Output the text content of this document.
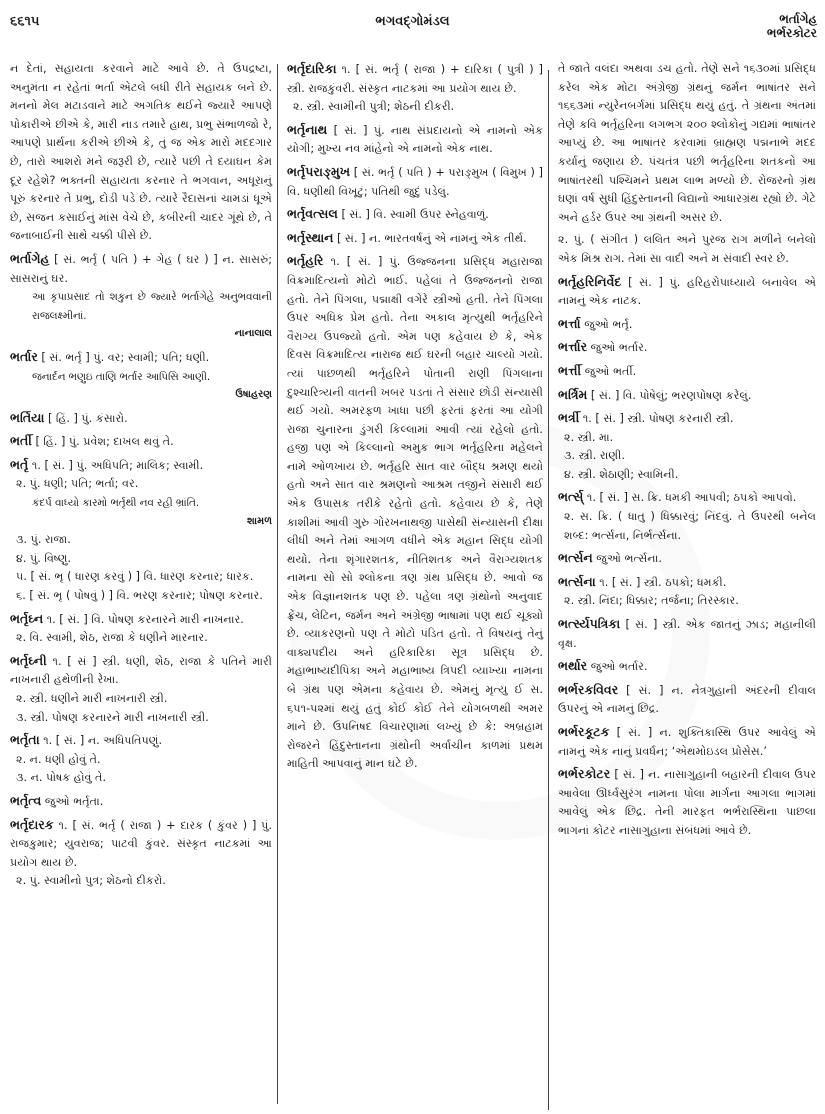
૬૬૧૫	ભગવદ્ગોમંડલ	ભર્તાગેહ
ભર્ભરકોટર
ન દેતાં, સહાયતા કરવાને માટે આવે છે. તે ઉપદ્રષ્ટા, અનુમંતા ન રહેતાં ભર્તા એટલે બધી રીતે સહાયક બને છે. મનનો મેલ મટાડવાને માટે અગતિક થઈને જ્યારે આપણે પોકારીએ છીએ કે, મારી નાડ તમારે હાથ, પ્રભુ સંભાળજો રે, આપણે પ્રાર્થના કરીએ છીએ કે, તું જ એક મારો મદદગાર છે, તારો આશરો મને જરૂરી છે, ત્યારે પછી તે દયાઘન કેમ દૂર રહેશે? ભક્તની સહાયતા કરનાર તે ભગવાન, અધૂરાનું પૂરું કરનાર તે પ્રભુ, દોડી પડે છે. ત્યારે રૈદાસનાં ચામડાં ધૂએ છે, સજન કસાઈનું માંસ વેચે છે, કબીરની ચાદર ગૂંથે છે, તે જનાબાઈની સાથે ચક્કી પીસે છે.
ભર્તાગેહ [ સં. ભર્તૃ ( પતિ ) + ગેહ ( ઘર ) ] ન. સાસરું; સાસરાનું ઘર.
આ કૃપાપ્રસાદ તો શકુન છે જ્યારે ભર્તાગેહે અનુભવવાની રાજલક્ષ્મીનાં.
નાનાલાલ
ભર્તાર [ સં. ભર્તૃ ] પું. વર; સ્વામી; પતિ; ધણી.
જનાર્દન ભણુઇ તાણિ ભર્તાર આપિસિ આણી.
ઉષાહરણ
ભર્તિયા [ હિં. ] પું. કંસારો.
ભર્તી [ હિં. ] પું. પ્રવેશ; દાખલ થવું તે.
ભર્તૃ ૧. [ સં. ] પું. અધિપતિ; માલિક; સ્વામી.
૨. પું. ધણી; પતિ; ભર્તા; વર.
કંદર્પ વાધ્યો કારમો ભર્તૃથી નવ રહી ભ્રાંતિ.
શામળ
૩. પું. રાજા.
૪. પું. વિષ્ણુ.
૫. [ સં. ભૃ ( ધારણ કરવું ) ] વિ. ધારણ કરનાર; ધારક.
૬. [ સં. ભૃ ( પોષવું ) ] વિ. ભરણ કરનાર; પોષણ કરનાર.
ભર્તૃઘ્ન ૧. [ સં. ] વિ. પોષણ કરનારને મારી નાખનાર.
૨. વિ. સ્વામી, શેઠ, રાજા કે ધણીને મારનાર.
ભર્તૃઘ્ની ૧. [ સં ] સ્ત્રી. ધણી, શેઠ, રાજા કે પતિને મારી નાખનારી હથેળીની રેખા.
૨. સ્ત્રી. ધણીને મારી નાખનારી સ્ત્રી.
૩. સ્ત્રી. પોષણ કરનારને મારી નાખનારી સ્ત્રી.
ભર્તૃતા ૧. [ સં. ] ન. અધિપતિપણું.
૨. ન. ધણી હોવું તે.
૩. ન. પોષક હોવું તે.
ભર્તૃત્વ જુઓ ભર્તૃતા.
ભર્તૃદારક ૧. [ સં. ભર્તૃ ( રાજા ) + દારક ( કુંવર ) ] પું. રાજકુમાર; યુવરાજ; પાટવી કુંવર. સંસ્કૃત નાટકમાં આ પ્રયોગ થાય છે.
૨. પું. સ્વામીનો પુત્ર; શેઠનો દીકરો.
ભર્તૃદારિકા ૧. [ સં. ભર્તૃ ( રાજા ) + દારિકા ( પુત્રી ) ] સ્ત્રી. રાજકુંવરી. સંસ્કૃત નાટકમાં આ પ્રયોગ થાય છે.
૨. સ્ત્રી. સ્વામીની પુત્રી; શેઠની દીકરી.
ભર્તૃનાથ [ સં. ] પું. નાથ સંપ્રદાયનો એ નામનો એક યોગી; મુખ્ય નવ માંહેનો એ નામનો એક નાથ.
ભર્તૃપરાઙ્મુખ [ સં. ભર્તૃ ( પતિ ) + પરાઙ્મુખ ( વિમુખ ) ] વિ. ધણીથી વિખૂટું; પતિથી જુદું પડેલું.
ભર્તૃવત્સલ [ સં. ] વિ. સ્વામી ઉપર સ્નેહવાળું.
ભર્તૃસ્થાન [ સં. ] ન. ભારતવર્ષનું એ નામનું એક તીર્થ.
ભર્તૃહરિ ૧. [ સં. ] પું. ઉજ્જનના પ્રસિદ્ધ મહારાજા વિક્રમાદિત્યનો મોટો ભાઈ. પહેલાં તે ઉજ્જનનો રાજા હતો. તેને પિંગલા, પદ્માક્ષી વગેરે સ્ત્રીઓ હતી. તેને પિંગલા ઉપર અધિક પ્રેમ હતો. તેના અકાલ મૃત્યુથી ભર્તૃહરિને વૈરાગ્ય ઉપજ્યો હતો. એમ પણ કહેવાય છે કે, એક દિવસ વિક્રમાદિત્ય નારાજ થઈ ઘરની બહાર ચાલ્યો ગયો. ત્યાં પાછળથી ભર્તૃહરિને પોતાની રાણી પિંગલાના દુશ્ચારિત્ર્યની વાતની ખબર પડતાં તે સંસાર છોડી સંન્યાસી થઈ ગયો. અમરફળ ખાધા પછી ફરતાં ફરતાં આ યોગી રાજા ચુનારના ડુંગરી કિલ્લામાં આવી ત્યાં રહેલો હતો. હજી પણ એ કિલ્લાનો અમુક ભાગ ભર્તૃહરિના મહેલને નામે ઓળખાય છે. ભર્તૃહરિ સાત વાર બૌદ્ધ શ્રમણ થયો હતો અને સાત વાર શ્રમણનો આશ્રમ તજીને સંસારી થઈ એક ઉપાસક તરીકે રહેતો હતો. કહેવાય છે કે, તેણે કાશીમાં આવી ગુરુ ગોરખનાથજી પાસેથી સંન્યાસની દીક્ષા લીધી અને તેમાં આગળ વધીને એક મહાન સિદ્ધ યોગી થયો. તેના શૃંગારશતક, નીતિશતક અને વૈરાગ્યશતક નામના સો સો શ્લોકના ત્રણ ગ્રંથ પ્રસિદ્ધ છે. આવો જ એક વિજ્ઞાનશતક પણ છે. પહેલા ત્રણ ગ્રંથોનો અનુવાદ ફ્રેંચ, લેટિન, જર્મન અને અંગ્રેજી ભાષામાં પણ થઈ ચૂક્યો છે. વ્યાકરણનો પણ તે મોટો પંડિત હતો. તે વિષયનું તેનું વાક્યપદીય અને હરિકારિકા સૂત્ર પ્રસિદ્ધ છે. મહાભાષ્યદીપિકા અને મહાભાષ્ય ત્રિપદી વ્યાખ્યા નામના બે ગ્રંથ પણ એમના કહેવાય છે. એમનું મૃત્યુ ઈ સ. ૬૫૧-૫૨માં થયું હતું કોઈ કોઈ તેને યોગબળથી અમર માને છે. ઉપનિષદ વિચારણામાં લખ્યું છે કે: અબ્રહામ રોજરને હિંદુસ્તાનના ગ્રંથોની અર્વાચીન કાળમાં પ્રથમ માહિતી આપવાનું માન ઘટે છે.
તે જાતે વલંદા અથવા ડચ હતો. તેણે સને ૧૬૩૦માં પ્રસિદ્ધ કરેલ એક મોટા અંગ્રેજી ગ્રંથનું જર્મન ભાષાંતર સને ૧૬૬૩માં ન્યુરેનબર્ગમાં પ્રસિદ્ધ થયું હતું. તે ગ્રંથના અંતમાં તેણે કવિ ભર્તૃહરિના લગભગ ૨૦૦ શ્લોકોનું ગદ્યમાં ભાષાંતર આપ્યું છે. આ ભાષાંતર કરવામાં બ્રાહ્મણ પદ્મનાભે મદદ કર્યાનું જણાય છે. પંચતંત્ર પછી ભર્તૃહરિના શતકનો આ ભાષાંતરથી પશ્ચિમને પ્રથમ લાભ મળ્યો છે. રોજરનો ગ્રંથ ઘણાં વર્ષ સુધી હિંદુસ્તાનની વિદ્યાનો આધારગ્રંથ રહ્યો છે. ગેટે અને હર્ડર ઉપર આ ગ્રંથની અસર છે.
૨. પું. ( સંગીત ) લલિત અને પુરજ રાગ મળીને બનેલો એક મિશ્ર રાગ. તેમાં સા વાદી અને મ સંવાદી સ્વર છે.
ભર્તૃહરિનિર્વેદ [ સં. ] પું. હરિહરોપાધ્યાયે બનાવેલ એ નામનું એક નાટક.
ભર્ત્તા જુઓ ભર્તૃ.
ભર્ત્તાર જુઓ ભર્તાર.
ભર્ત્તી જુઓ ભર્તી.
ભર્ત્રિમ [ સં. ] વિ. પોષેલું; ભરણપોષણ કરેલું.
ભર્ત્રી ૧. [ સં. ] સ્ત્રી. પોષણ કરનારી સ્ત્રી.
૨. સ્ત્રી. મા.
૩. સ્ત્રી. રાણી.
૪. સ્ત્રી. શેઠાણી; સ્વામિની.
ભર્ત્સ્ ૧. [ સં. ] સ. ક્રિ. ધમકી આપવી; ઠપકો આપવો.
૨. સ. ક્રિ. ( ધાતુ ) ધિક્કારવું; નિંદવું. તે ઉપરથી બનેલ શબ્દ: ભર્ત્સના, નિર્ભર્ત્સના.
ભર્ત્સન જુઓ ભર્ત્સના.
ભર્ત્સના ૧. [ સં. ] સ્ત્રી. ઠપકો; ધમકી.
૨. સ્ત્રી. નિંદા; ધિક્કાર; તર્જના; તિરસ્કાર.
ભર્ત્સ્યપત્રિકા [ સં. ] સ્ત્રી. એક જાતનું ઝાડ; મહાનીલી વૃક્ષ.
ભર્થાર જુઓ ભર્તાર.
ભર્ભરકવિવર [ સં. ] ન. નેત્રગુહાની અંદરની દીવાલ ઉપરનું એ નામનું છિદ્ર.
ભર્ભરકૂટક [ સં. ] ન. શુક્તિકાસ્થિ ઉપર આવેલું એ નામનું એક નાનું પ્રવર્ધન; ‘એથમોઇડલ પ્રોસેસ.’
ભર્ભરકોટર [ સં. ] ન. નાસાગુહાની બહારની દીવાલ ઉપર આવેલા ઊર્ધ્વસુરંગ નામના પોલા માર્ગના આગલા ભાગમાં આવેલું એક છિદ્ર. તેની મારફત ભર્ભરાસ્થિના પાછલા ભાગનાં કોટર નાસાગુહાના સંબંધમાં આવે છે.
